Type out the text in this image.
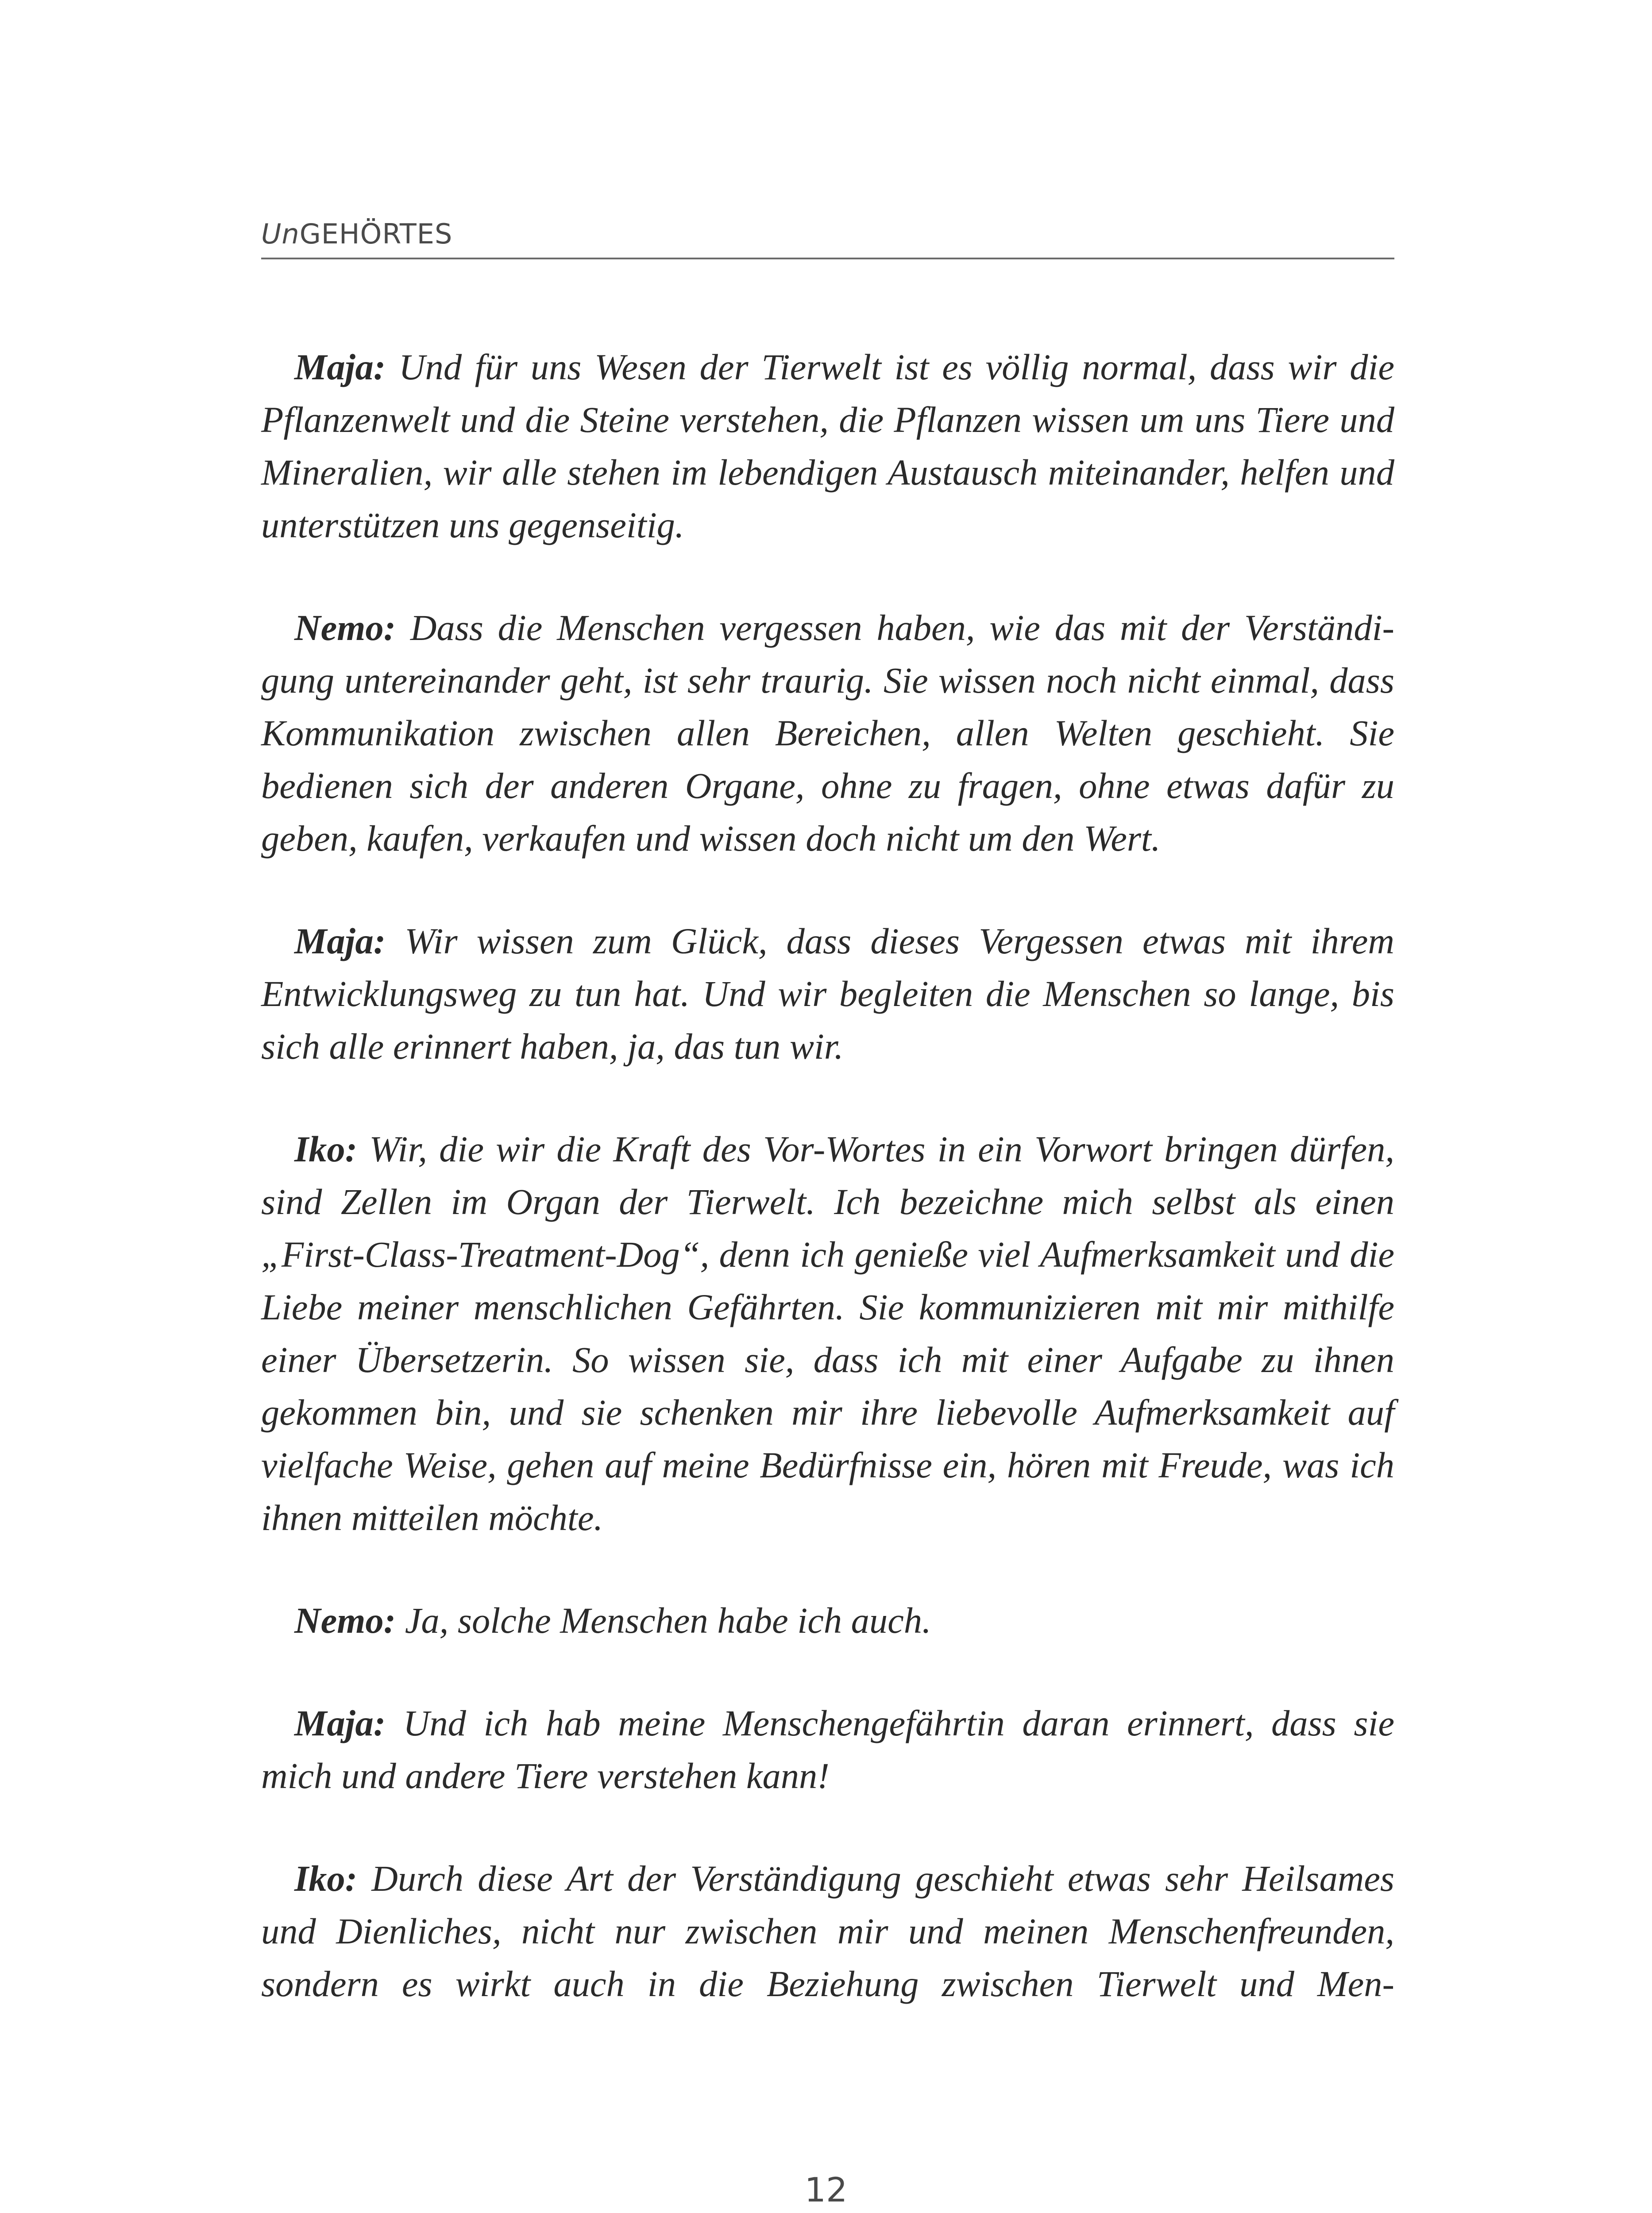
UnGEHÖRTES

Maja: Und für uns Wesen der Tierwelt ist es völlig normal, dass wir die Pflanzenwelt und die Steine verstehen, die Pflanzen wissen um uns Tiere und Mineralien, wir alle stehen im lebendigen Austausch miteinander, helfen und unterstützen uns gegenseitig.

Nemo: Dass die Menschen vergessen haben, wie das mit der Verständigung untereinander geht, ist sehr traurig. Sie wissen noch nicht einmal, dass Kommunikation zwischen allen Bereichen, allen Welten geschieht. Sie bedienen sich der anderen Organe, ohne zu fragen, ohne etwas dafür zu geben, kaufen, verkaufen und wissen doch nicht um den Wert.

Maja: Wir wissen zum Glück, dass dieses Vergessen etwas mit ihrem Entwicklungsweg zu tun hat. Und wir begleiten die Menschen so lange, bis sich alle erinnert haben, ja, das tun wir.

Iko: Wir, die wir die Kraft des Vor-Wortes in ein Vorwort bringen dürfen, sind Zellen im Organ der Tierwelt. Ich bezeichne mich selbst als einen „First-Class-Treatment-Dog“, denn ich genieße viel Aufmerksamkeit und die Liebe meiner menschlichen Gefährten. Sie kommunizieren mit mir mithilfe einer Übersetzerin. So wissen sie, dass ich mit einer Aufgabe zu ihnen gekommen bin, und sie schenken mir ihre liebevolle Aufmerksamkeit auf vielfache Weise, gehen auf meine Bedürfnisse ein, hören mit Freude, was ich ihnen mitteilen möchte.

Nemo: Ja, solche Menschen habe ich auch.

Maja: Und ich hab meine Menschengefährtin daran erinnert, dass sie mich und andere Tiere verstehen kann!

Iko: Durch diese Art der Verständigung geschieht etwas sehr Heilsames und Dienliches, nicht nur zwischen mir und meinen Menschenfreunden, sondern es wirkt auch in die Beziehung zwischen Tierwelt und Men-

12
